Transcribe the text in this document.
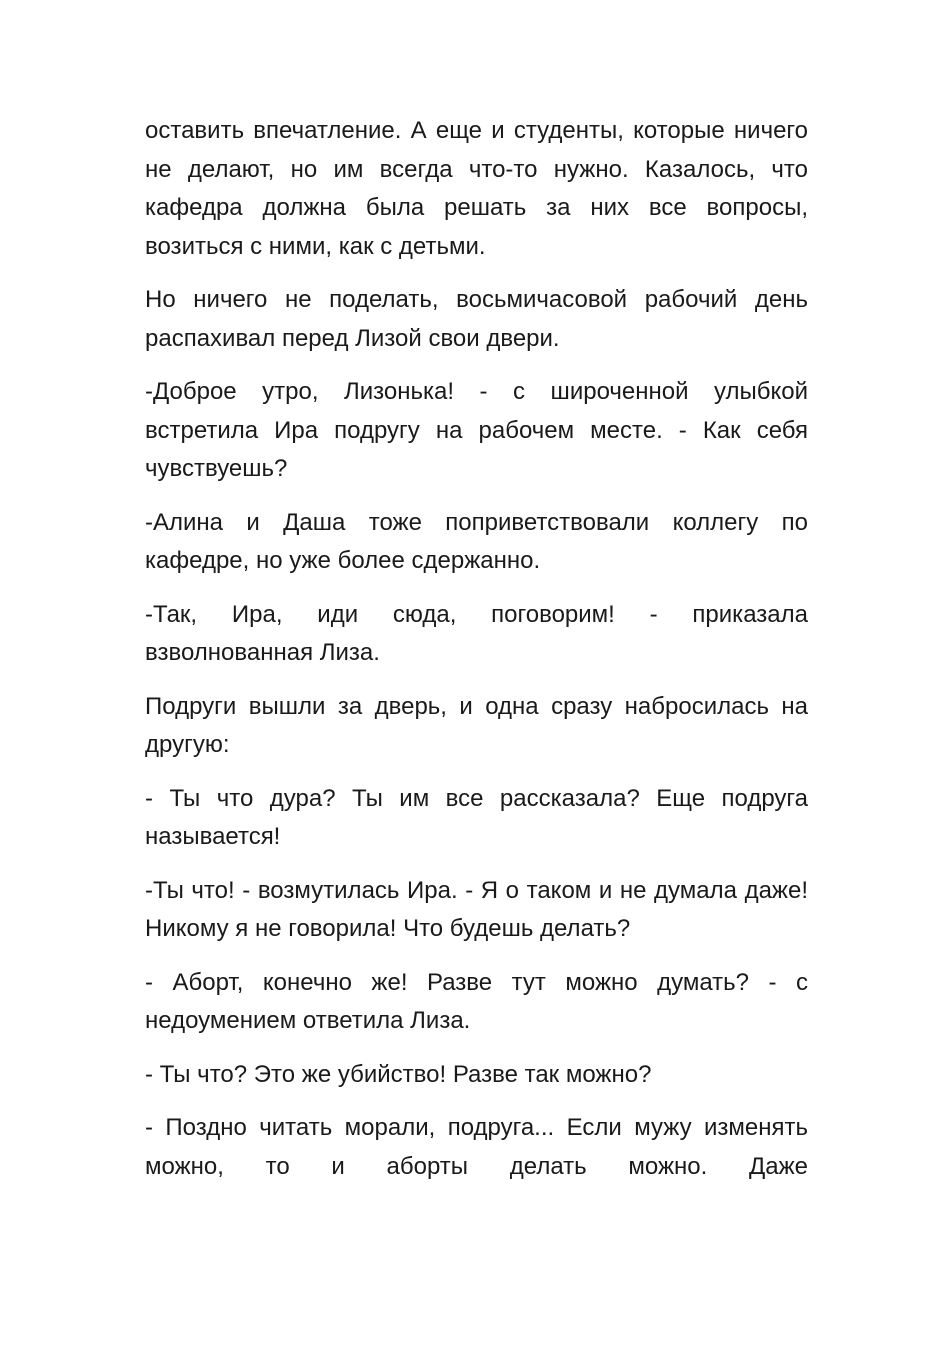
оставить впечатление. А еще и студенты, которые ничего не делают, но им всегда что-то нужно. Казалось, что кафедра должна была решать за них все вопросы, возиться с ними, как с детьми.

Но ничего не поделать, восьмичасовой рабочий день распахивал перед Лизой свои двери.

-Доброе утро, Лизонька! - с широченной улыбкой встретила Ира подругу на рабочем месте. - Как себя чувствуешь?

-Алина и Даша тоже поприветствовали коллегу по кафедре, но уже более сдержанно.

-Так, Ира, иди сюда, поговорим! - приказала взволнованная Лиза.

Подруги вышли за дверь, и одна сразу набросилась на другую:

- Ты что дура? Ты им все рассказала? Еще подруга называется!

-Ты что! - возмутилась Ира. - Я о таком и не думала даже! Никому я не говорила! Что будешь делать?

- Аборт, конечно же! Разве тут можно думать? - с недоумением ответила Лиза.

- Ты что? Это же убийство! Разве так можно?

- Поздно читать морали, подруга... Если мужу изменять можно, то и аборты делать можно. Даже
